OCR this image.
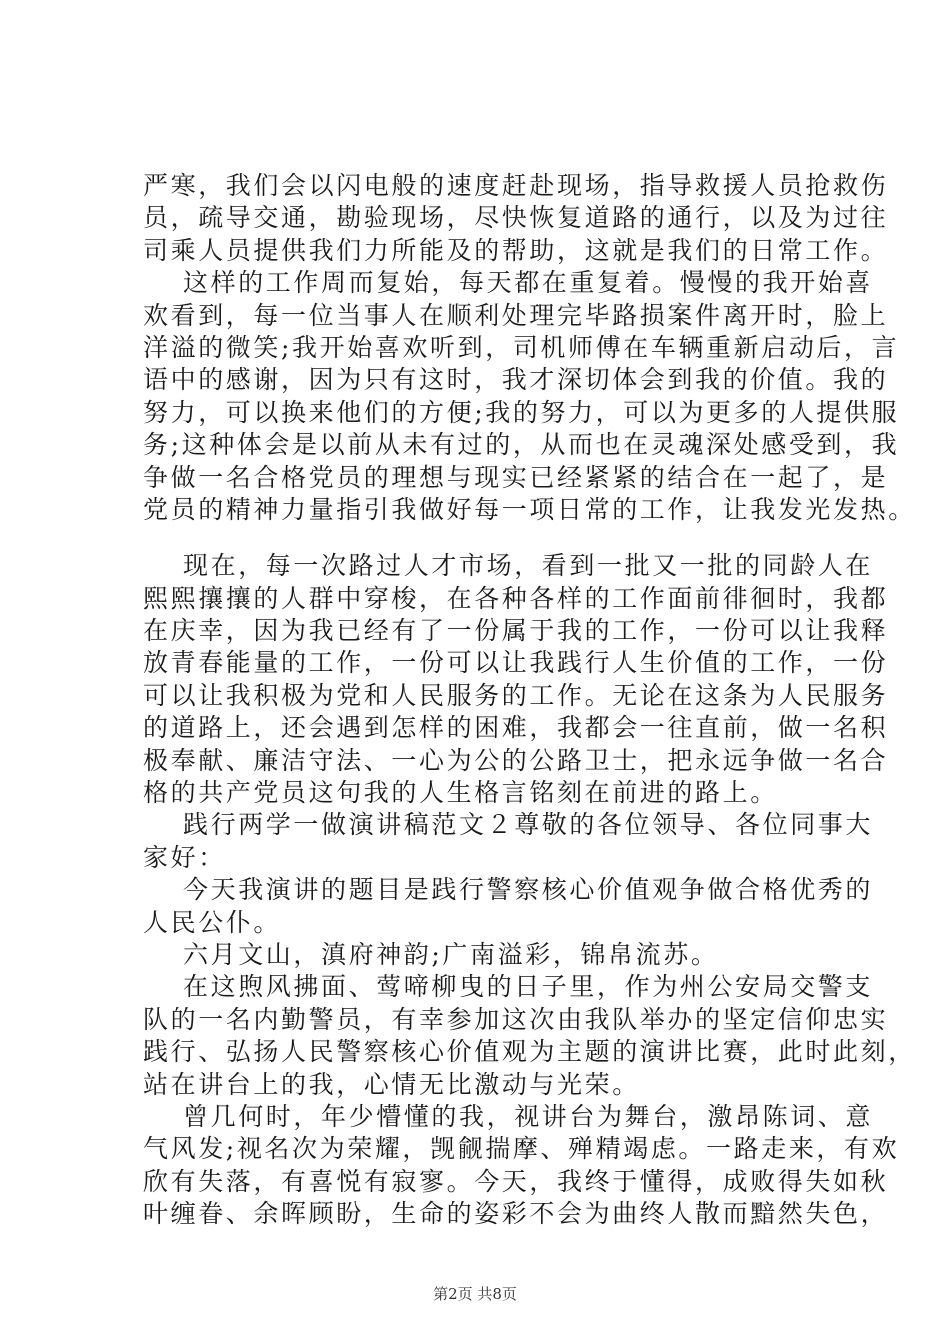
严寒，我们会以闪电般的速度赶赴现场，指导救援人员抢救伤
员，疏导交通，勘验现场，尽快恢复道路的通行，以及为过往
司乘人员提供我们力所能及的帮助，这就是我们的日常工作。
这样的工作周而复始，每天都在重复着。慢慢的我开始喜
欢看到，每一位当事人在顺利处理完毕路损案件离开时，脸上
洋溢的微笑;我开始喜欢听到，司机师傅在车辆重新启动后，言
语中的感谢，因为只有这时，我才深切体会到我的价值。我的
努力，可以换来他们的方便;我的努力，可以为更多的人提供服
务;这种体会是以前从未有过的，从而也在灵魂深处感受到，我
争做一名合格党员的理想与现实已经紧紧的结合在一起了，是
党员的精神力量指引我做好每一项日常的工作，让我发光发热。
现在，每一次路过人才市场，看到一批又一批的同龄人在
熙熙攘攘的人群中穿梭，在各种各样的工作面前徘徊时，我都
在庆幸，因为我已经有了一份属于我的工作，一份可以让我释
放青春能量的工作，一份可以让我践行人生价值的工作，一份
可以让我积极为党和人民服务的工作。无论在这条为人民服务
的道路上，还会遇到怎样的困难，我都会一往直前，做一名积
极奉献、廉洁守法、一心为公的公路卫士，把永远争做一名合
格的共产党员这句我的人生格言铭刻在前进的路上。
践行两学一做演讲稿范文２尊敬的各位领导、各位同事大
家好：
今天我演讲的题目是践行警察核心价值观争做合格优秀的
人民公仆。
六月文山，滇府神韵;广南溢彩，锦帛流苏。
在这煦风拂面、莺啼柳曳的日子里，作为州公安局交警支
队的一名内勤警员，有幸参加这次由我队举办的坚定信仰忠实
践行、弘扬人民警察核心价值观为主题的演讲比赛，此时此刻，
站在讲台上的我，心情无比激动与光荣。
曾几何时，年少懵懂的我，视讲台为舞台，激昂陈词、意
气风发;视名次为荣耀，觊觎揣摩、殚精竭虑。一路走来，有欢
欣有失落，有喜悦有寂寥。今天，我终于懂得，成败得失如秋
叶缠眷、余晖顾盼，生命的姿彩不会为曲终人散而黯然失色，
第2页 共8页
